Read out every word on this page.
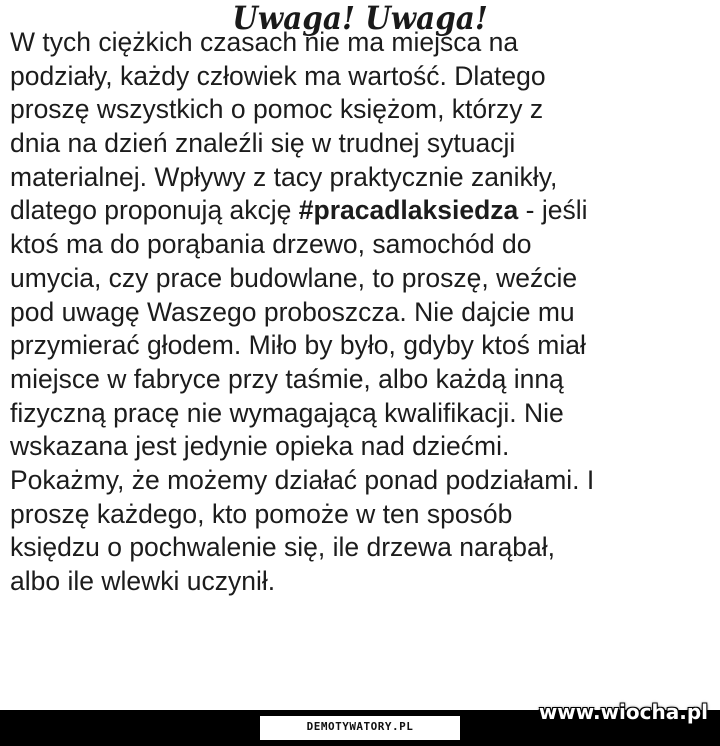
Uwaga! Uwaga!
W tych ciężkich czasach nie ma miejsca na
podziały, każdy człowiek ma wartość. Dlatego
proszę wszystkich o pomoc księżom, którzy z
dnia na dzień znaleźli się w trudnej sytuacji
materialnej. Wpływy z tacy praktycznie zanikły,
dlatego proponują akcję #pracadlaksiedza - jeśli
ktoś ma do porąbania drzewo, samochód do
umycia, czy prace budowlane, to proszę, weźcie
pod uwagę Waszego proboszcza. Nie dajcie mu
przymierać głodem. Miło by było, gdyby ktoś miał
miejsce w fabryce przy taśmie, albo każdą inną
fizyczną pracę nie wymagającą kwalifikacji. Nie
wskazana jest jedynie opieka nad dziećmi.
Pokażmy, że możemy działać ponad podziałami. I
proszę każdego, kto pomoże w ten sposób
księdzu o pochwalenie się, ile drzewa narąbał,
albo ile wlewki uczynił.
DEMOTYWATORY.PL
www.wiocha.pl
